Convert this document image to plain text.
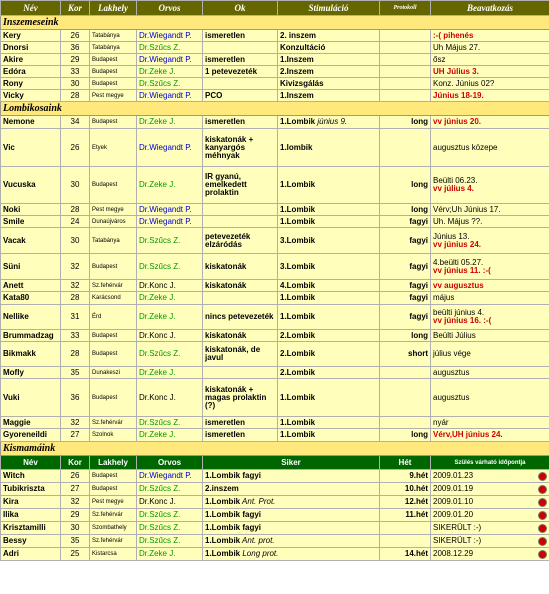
Név	Kor	Lakhely	Orvos	Ok	Stimuláció	Protokoll	Beavatkozás
Inszemeseink							
Kery	26	Tatabánya	Dr.Wiegandt P.	ismeretlen	2. inszem		:-( pihenés
Dnorsi	36	Tatabánya	Dr.Szűcs Z.		Konzultáció		Uh Május 27.
Akire	29	Budapest	Dr.Wiegandt P.	ismeretlen	1.Inszem		ősz
Edóra	33	Budapest	Dr.Zeke J.	1 petevezeték	2.Inszem		UH Július 3.
Rony	30	Budapest	Dr.Szűcs Z.		Kivizsgálás		Konz. Június 02?
Vicky	28	Pest megye	Dr.Wiegandt P.	PCO	1.Inszem		Június 18-19.
Lombikosaink							
Nemone	34	Budapest	Dr.Zeke J.	ismeretlen	1.Lombik június 9.	long	vv június 20.

Vic	26	Etyek	Dr.Wiegandt P.	kiskatonák + kanyargós méhnyak	1.lombik		augusztus közepe

Vucuska	30	Budapest	Dr.Zeke J.	IR gyanú, emelkedett prolaktin	1.Lombik	long	Beülti 06.23.
vv július 4.

Noki	28	Pest megye	Dr.Wiegandt P.		1.Lombik	long	Vérv;Uh Június 17.

Smile	24	Dunaújváros	Dr.Wiegandt P.		1.Lombik	fagyi	Uh. Május ??.

Vacak	30	Tatabánya	Dr.Szűcs Z.	petevezeték elzáródás	3.Lombik	fagyi	Június 13.
vv június 24.

Süni	32	Budapest	Dr.Szűcs Z.	kiskatonák	3.Lombik	fagyi	4.beülti 05.27.
vv június 11. :-(

Anett	32	Sz.fehérvár	Dr.Konc J.	kiskatonák	4.Lombik	fagyi	vv augusztus

Kata80	28	Karácsond	Dr.Zeke J.		1.Lombik	fagyi	május

Nellike	31	Érd	Dr.Zeke J.	nincs petevezeték	1.Lombik	fagyi	beülti június 4.
vv június 16. :-(

Brummadzag	33	Budapest	Dr.Konc J.	kiskatonák	2.Lombik	long	Beülti Július

Bikmakk	28	Budapest	Dr.Szűcs Z.	kiskatonák, de javul	2.Lombik	short	július vége

Mofly	35	Dunakeszi	Dr.Zeke J.		2.Lombik		augusztus

Vuki	36	Budapest	Dr.Konc J.	kiskatonák + magas prolaktin (?)	1.Lombik		augusztus

Maggie	32	Sz.fehérvár	Dr.Szűcs Z.	ismeretlen	1.Lombik		nyár

Gyoreneildi	27	Szolnok	Dr.Zeke J.	ismeretlen	1.Lombik	long	Vérv,UH június 24.

Kismamáink							
Név	Kor	Lakhely	Orvos	Siker		Hét	Szülés várható időpontja
Witch	26	Budapest	Dr.Wiegandt P.	1.Lombik fagyi		9.hét	2009.01.23

Tubikriszta	27	Budapest	Dr.Szűcs Z.	2.inszem		10.hét	2009.01.19

Kira	32	Pest megye	Dr.Konc J.	1.Lombik Ant. Prot.		12.hét	2009.01.10

Ilika	29	Sz.fehérvár	Dr.Szűcs Z.	1.Lombik fagyi		11.hét	2009.01.20

Krisztamilli	30	Szombathely	Dr.Szűcs Z.	1.Lombik fagyi			SIKERÜLT :-)

Bessy	35	Sz.fehérvár	Dr.Szűcs Z.	1.Lombik Ant. prot.			SIKERÜLT :-)

Adri	25	Kistarcsa	Dr.Zeke J.	1.Lombik Long prot.		14.hét	2008.12.29
